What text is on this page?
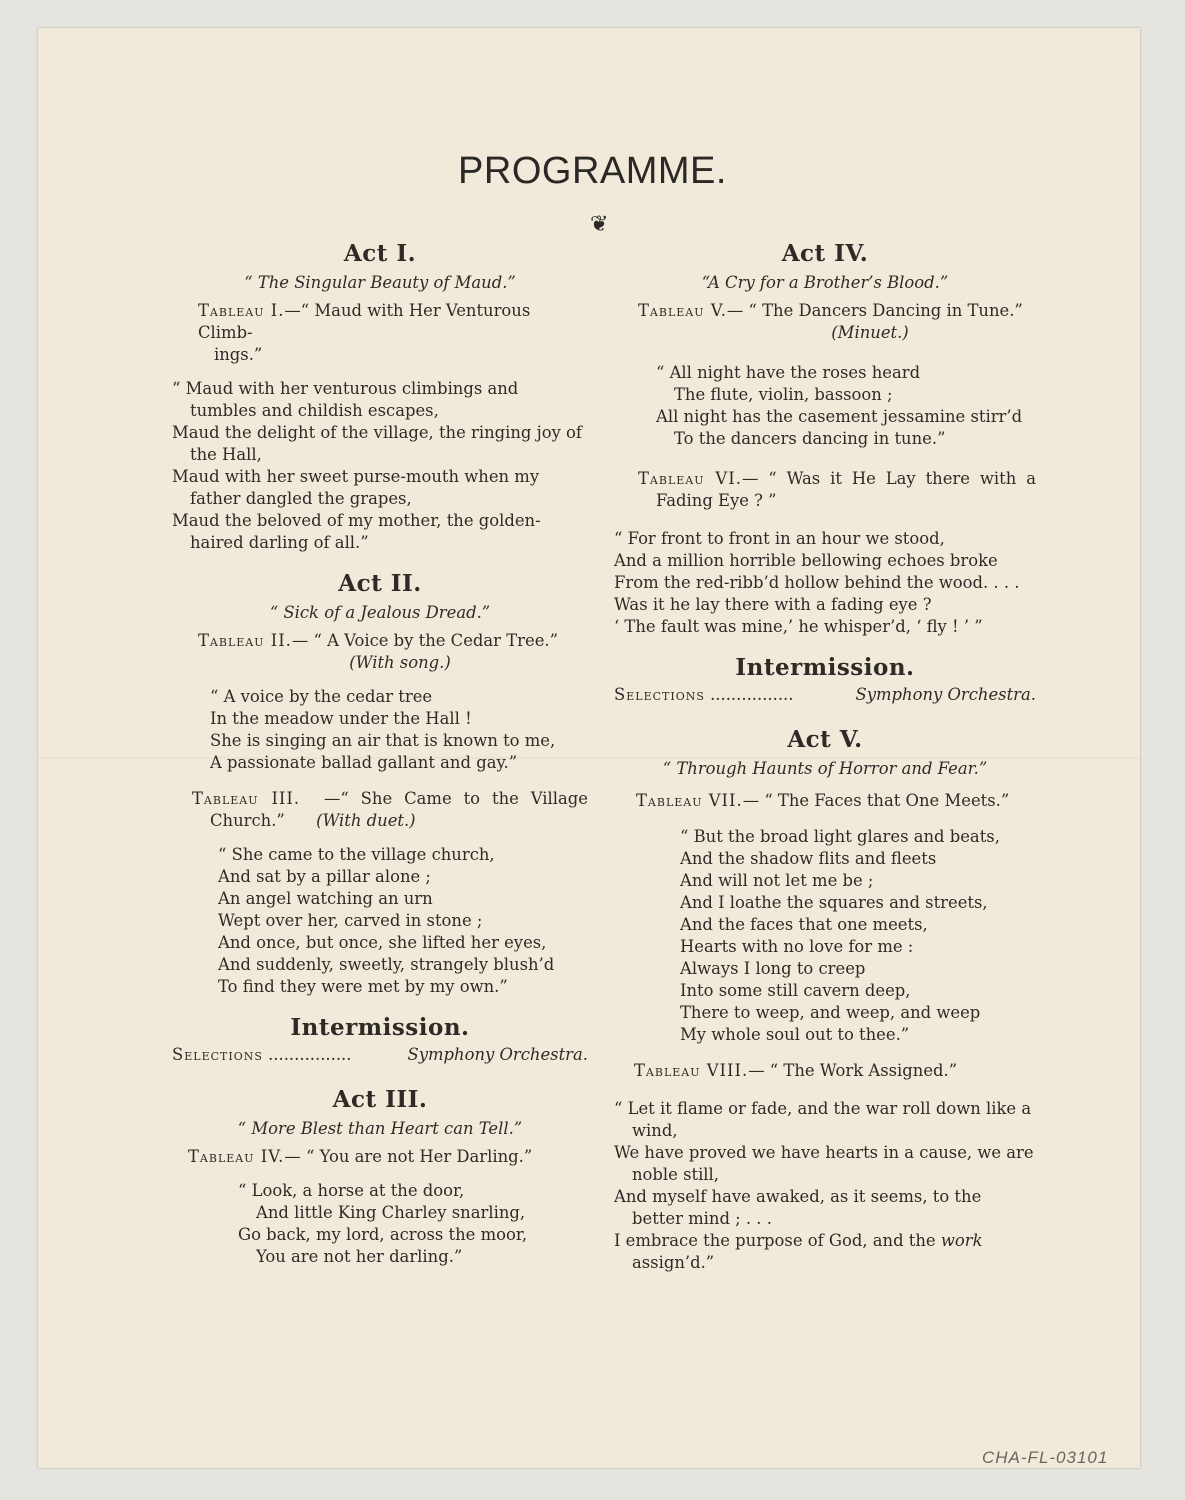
PROGRAMME.
❦
Act I.
“ The Singular Beauty of Maud.”
Tableau I.—“ Maud with Her Venturous Climb-
ings.”
“ Maud with her venturous climbings and tumbles and childish escapes,
Maud the delight of the village, the ringing joy of the Hall,
Maud with her sweet purse-mouth when my father dangled the grapes,
Maud the beloved of my mother, the golden-haired darling of all.”
Act II.
“ Sick of a Jealous Dread.”
Tableau II.— “ A Voice by the Cedar Tree.”
(With song.)
“ A voice by the cedar tree
In the meadow under the Hall !
She is singing an air that is known to me,
A passionate ballad gallant and gay.”
Tableau III. —“ She Came to the Village
Church.” (With duet.)
“ She came to the village church,
And sat by a pillar alone ;
An angel watching an urn
Wept over her, carved in stone ;
And once, but once, she lifted her eyes,
And suddenly, sweetly, strangely blush’d
To find they were met by my own.”
Intermission.
Selections
................	Symphony Orchestra.
Act III.
“ More Blest than Heart can Tell.”
Tableau IV.— “ You are not Her Darling.”
“ Look, a horse at the door,
And little King Charley snarling,
Go back, my lord, across the moor,
You are not her darling.”
Act IV.
“A Cry for a Brother’s Blood.”
Tableau V.— “ The Dancers Dancing in Tune.”
(Minuet.)
“ All night have the roses heard
The flute, violin, bassoon ;
All night has the casement jessamine stirr’d
To the dancers dancing in tune.”
Tableau VI.— “ Was it He Lay there with a
Fading Eye ? ”
“ For front to front in an hour we stood,
And a million horrible bellowing echoes broke
From the red-ribb’d hollow behind the wood. . . .
Was it he lay there with a fading eye ?
‘ The fault was mine,’ he whisper’d, ‘ fly ! ’ ”
Intermission.
Selections
................	Symphony Orchestra.
Act V.
“ Through Haunts of Horror and Fear.”
Tableau VII.— “ The Faces that One Meets.”
“ But the broad light glares and beats,
And the shadow flits and fleets
And will not let me be ;
And I loathe the squares and streets,
And the faces that one meets,
Hearts with no love for me :
Always I long to creep
Into some still cavern deep,
There to weep, and weep, and weep
My whole soul out to thee.”
Tableau VIII.— “ The Work Assigned.”
“ Let it flame or fade, and the war roll down like a wind,
We have proved we have hearts in a cause, we are noble still,
And myself have awaked, as it seems, to the better mind ; . . .
I embrace the purpose of God, and the work assign’d.”
CHA-FL-03101
